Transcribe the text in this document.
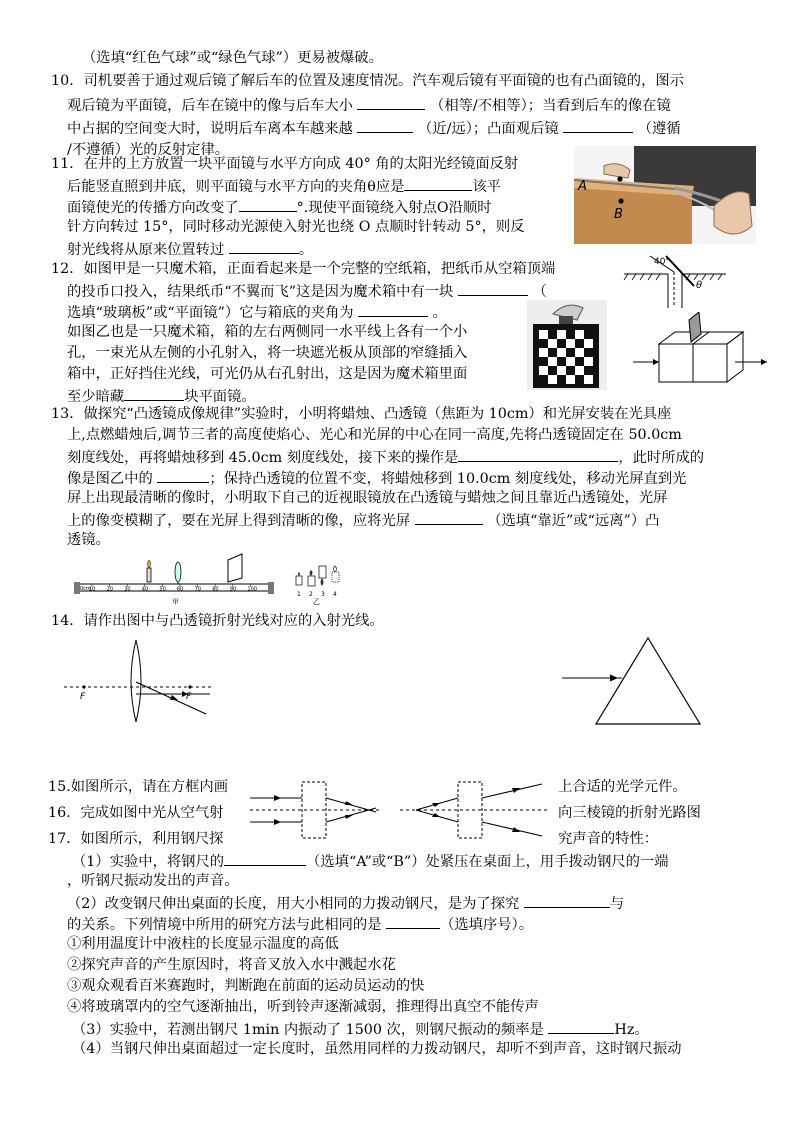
（选填“红色气球”或“绿色气球”）更易被爆破。
10．司机要善于通过观后镜了解后车的位置及速度情况。汽车观后镜有平面镜的也有凸面镜的，图示
观后镜为平面镜，后车在镜中的像与后车大小	（相等/不相等）；当看到后车的像在镜
中占据的空间变大时，说明后车离本车越来越	（近/远）；凸面观后镜	（遵循
/不遵循）光的反射定律。
11．在井的上方放置一块平面镜与水平方向成 40° 角的太阳光经镜面反射
后能竖直照到井底，则平面镜与水平方向的夹角θ应是	该平
面镜使光的传播方向改变了	°.现使平面镜绕入射点O沿顺时
针方向转过 15°，同时移动光源使入射光也绕 O 点顺时针转动 5°，则反
射光线将从原来位置转过	。
12．如图甲是一只魔术箱，正面看起来是一个完整的空纸箱，把纸币从空箱顶端
的投币口投入，结果纸币“不翼而飞”这是因为魔术箱中有一块	（
选填“玻璃板”或“平面镜”）它与箱底的夹角为	。
如图乙也是一只魔术箱，箱的左右两侧同一水平线上各有一个小
孔，一束光从左侧的小孔射入，将一块遮光板从顶部的窄缝插入
箱中，正好挡住光线，可光仍从右孔射出，这是因为魔术箱里面
至少暗藏	块平面镜。
13．做探究“凸透镜成像规律”实验时，小明将蜡烛、凸透镜（焦距为 10cm）和光屏安装在光具座
上,点燃蜡烛后,调节三者的高度使焰心、光心和光屏的中心在同一高度,先将凸透镜固定在 50.0cm
刻度线处，再将蜡烛移到 45.0cm 刻度线处，接下来的操作是	，此时所成的
像是图乙中的	；保持凸透镜的位置不变，将蜡烛移到 10.0cm 刻度线处，移动光屏直到光
屏上出现最清晰的像时，小明取下自己的近视眼镜放在凸透镜与蜡烛之间且靠近凸透镜处，光屏
上的像变模糊了，要在光屏上得到清晰的像，应将光屏	（选填“靠近”或“远离”）凸
透镜。
14．请作出图中与凸透镜折射光线对应的入射光线。
15.如图所示，请在方框内画	上合适的光学元件。
16．完成如图中光从空气射	向三棱镜的折射光路图
17．如图所示，利用钢尺探	究声音的特性：
（1）实验中，将钢尺的	（选填“A”或“B”）处紧压在桌面上，用手拨动钢尺的一端
，听钢尺振动发出的声音。
（2）改变钢尺伸出桌面的长度，用大小相同的力拨动钢尺，是为了探究	与
的关系。下列情境中所用的研究方法与此相同的是	（选填序号）。
①利用温度计中液柱的长度显示温度的高低
②探究声音的产生原因时，将音叉放入水中溅起水花
③观众观看百米赛跑时，判断跑在前面的运动员运动的快
④将玻璃罩内的空气逐渐抽出，听到铃声逐渐减弱，推理得出真空不能传声
（3）实验中，若测出钢尺 1min 内振动了 1500 次，则钢尺振动的频率是	Hz。
（4）当钢尺伸出桌面超过一定长度时，虽然用同样的力拨动钢尺，却听不到声音，这时钢尺振动
A
B
40°
θ
0cm
10 20 30 40 50 60 70 80 90 100
甲
1 2 3 4
乙
F	F
